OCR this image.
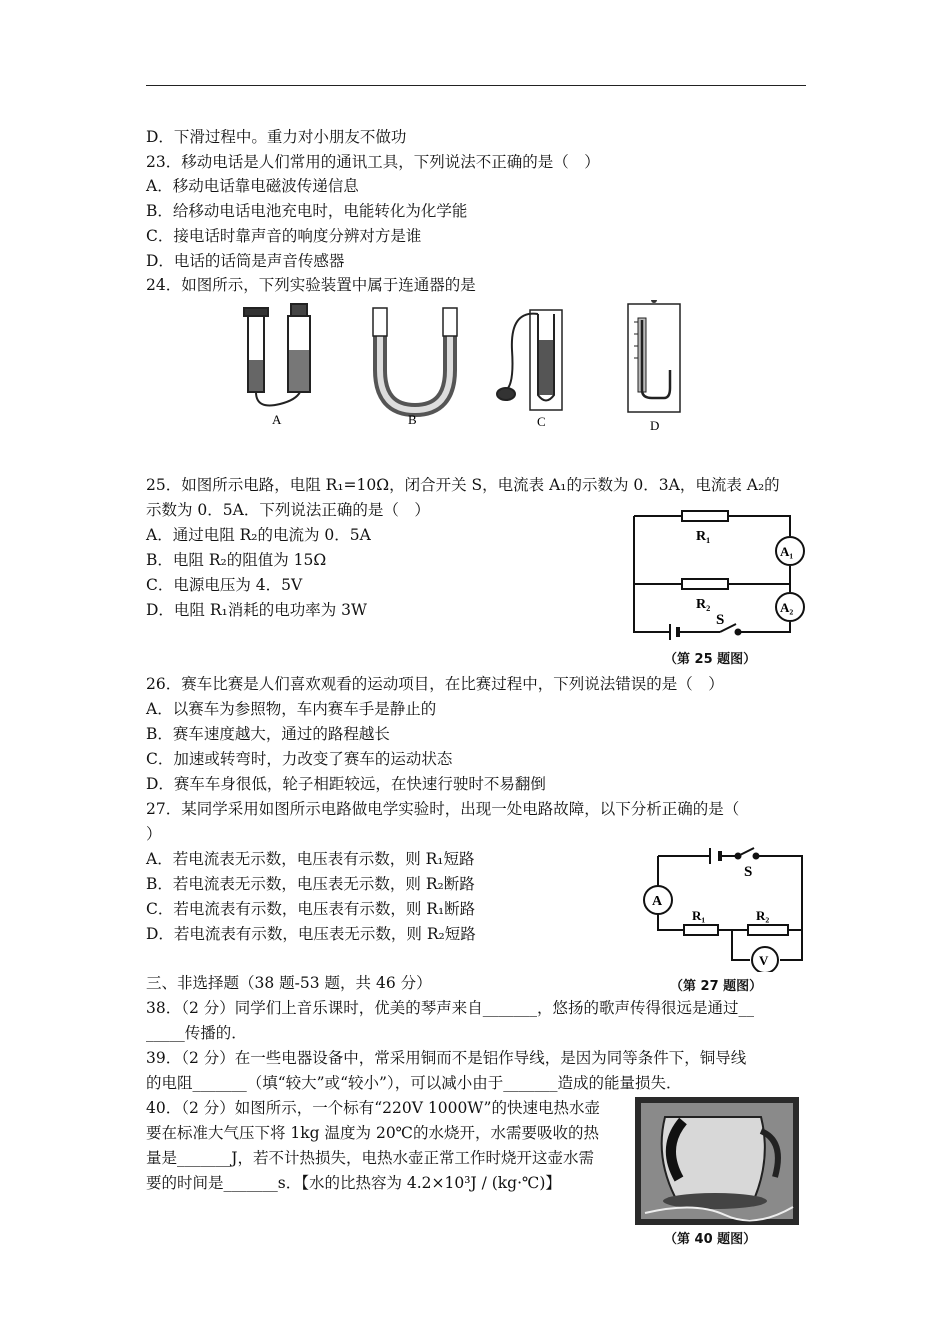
D．下滑过程中。重力对小朋友不做功
23．移动电话是人们常用的通讯工具，下列说法不正确的是（　）
A．移动电话靠电磁波传递信息
B．给移动电话电池充电时，电能转化为化学能
C．接电话时靠声音的响度分辨对方是谁
D．电话的话筒是声音传感器
24．如图所示，下列实验装置中属于连通器的是
A	B	C	D
25．如图所示电路，电阻 R₁=10Ω，闭合开关 S，电流表 A₁的示数为 0．3A，电流表 A₂的
示数为 0．5A．下列说法正确的是（　）
A．通过电阻 R₂的电流为 0．5A
B．电阻 R₂的阻值为 15Ω
C．电源电压为 4．5V
D．电阻 R₁消耗的电功率为 3W
R₁
R₂
A₁
A₂
S
（第 25 题图）
26．赛车比赛是人们喜欢观看的运动项目，在比赛过程中，下列说法错误的是（　）
A．以赛车为参照物，车内赛车手是静止的
B．赛车速度越大，通过的路程越长
C．加速或转弯时，力改变了赛车的运动状态
D．赛车车身很低，轮子相距较远，在快速行驶时不易翻倒
27．某同学采用如图所示电路做电学实验时，出现一处电路故障，以下分析正确的是（
）
A．若电流表无示数，电压表有示数，则 R₁短路
B．若电流表无示数，电压表无示数，则 R₂断路
C．若电流表有示数，电压表有示数，则 R₁断路
D．若电流表有示数，电压表无示数，则 R₂短路
S
A
R₁	R₂
V
（第 27 题图）
三、非选择题（38 题-53 题，共 46 分）
38．（2 分）同学们上音乐课时，优美的琴声来自_______，悠扬的歌声传得很远是通过__
_____传播的．
39．（2 分）在一些电器设备中，常采用铜而不是铝作导线，是因为同等条件下，铜导线
的电阻_______（填“较大”或“较小”），可以减小由于_______造成的能量损失．
40．（2 分）如图所示，一个标有“220V 1000W”的快速电热水壶
要在标准大气压下将 1kg 温度为 20℃的水烧开，水需要吸收的热
量是_______J，若不计热损失，电热水壶正常工作时烧开这壶水需
要的时间是_______s．【水的比热容为 4.2×10³J / (kg·℃)】
（第 40 题图）
